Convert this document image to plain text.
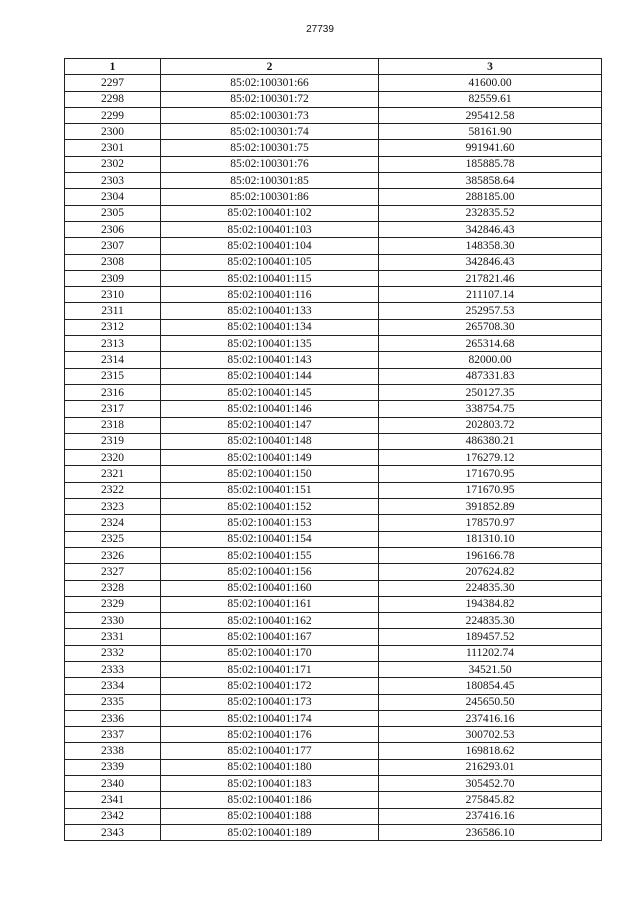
27739
1	2	3
2297	85:02:100301:66	41600.00
2298	85:02:100301:72	82559.61
2299	85:02:100301:73	295412.58
2300	85:02:100301:74	58161.90
2301	85:02:100301:75	991941.60
2302	85:02:100301:76	185885.78
2303	85:02:100301:85	385858.64
2304	85:02:100301:86	288185.00
2305	85:02:100401:102	232835.52
2306	85:02:100401:103	342846.43
2307	85:02:100401:104	148358.30
2308	85:02:100401:105	342846.43
2309	85:02:100401:115	217821.46
2310	85:02:100401:116	211107.14
2311	85:02:100401:133	252957.53
2312	85:02:100401:134	265708.30
2313	85:02:100401:135	265314.68
2314	85:02:100401:143	82000.00
2315	85:02:100401:144	487331.83
2316	85:02:100401:145	250127.35
2317	85:02:100401:146	338754.75
2318	85:02:100401:147	202803.72
2319	85:02:100401:148	486380.21
2320	85:02:100401:149	176279.12
2321	85:02:100401:150	171670.95
2322	85:02:100401:151	171670.95
2323	85:02:100401:152	391852.89
2324	85:02:100401:153	178570.97
2325	85:02:100401:154	181310.10
2326	85:02:100401:155	196166.78
2327	85:02:100401:156	207624.82
2328	85:02:100401:160	224835.30
2329	85:02:100401:161	194384.82
2330	85:02:100401:162	224835.30
2331	85:02:100401:167	189457.52
2332	85:02:100401:170	111202.74
2333	85:02:100401:171	34521.50
2334	85:02:100401:172	180854.45
2335	85:02:100401:173	245650.50
2336	85:02:100401:174	237416.16
2337	85:02:100401:176	300702.53
2338	85:02:100401:177	169818.62
2339	85:02:100401:180	216293.01
2340	85:02:100401:183	305452.70
2341	85:02:100401:186	275845.82
2342	85:02:100401:188	237416.16
2343	85:02:100401:189	236586.10
